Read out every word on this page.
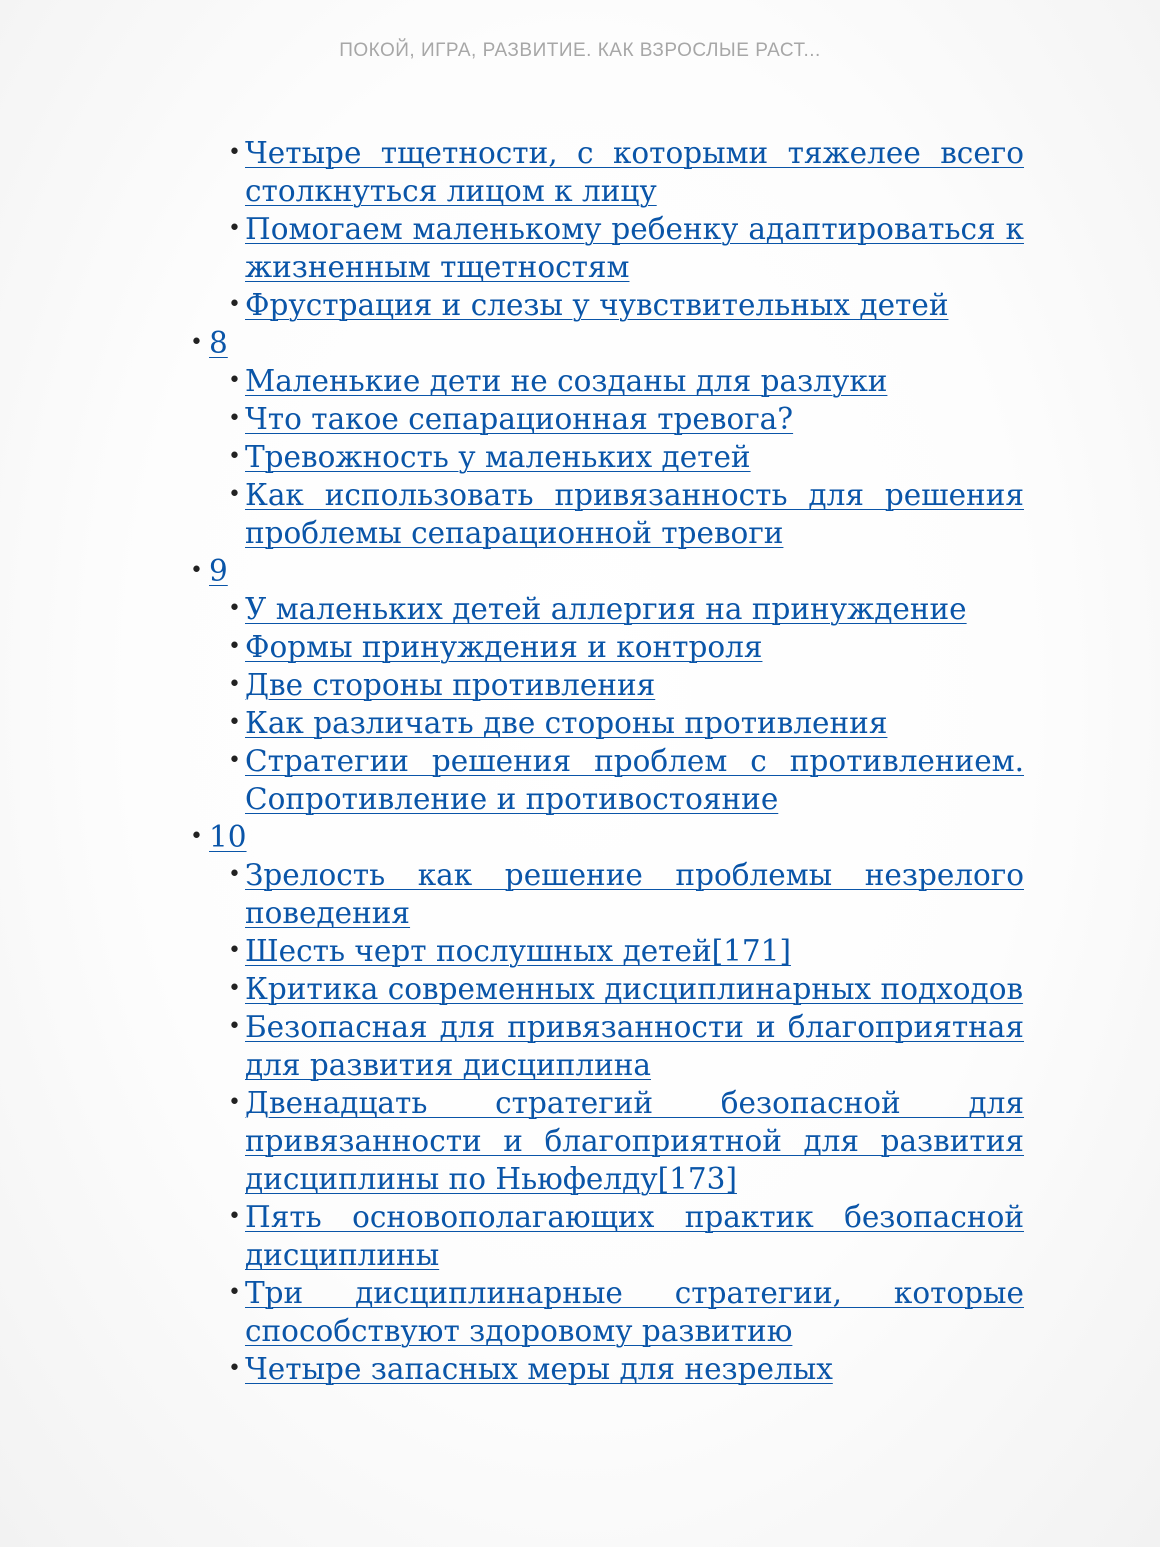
ПОКОЙ, ИГРА, РАЗВИТИЕ. КАК ВЗРОСЛЫЕ РАСТ...
• Четыре тщетности, с которыми тяжелее всего столкнуться лицом к лицу
• Помогаем маленькому ребенку адаптироваться к жизненным тщетностям
• Фрустрация и слезы у чувствительных детей
• 8
• Маленькие дети не созданы для разлуки
• Что такое сепарационная тревога?
• Тревожность у маленьких детей
• Как использовать привязанность для решения проблемы сепарационной тревоги
• 9
• У маленьких детей аллергия на принуждение
• Формы принуждения и контроля
• Две стороны противления
• Как различать две стороны противления
• Стратегии решения проблем с противлением. Сопротивление и противостояние
• 10
• Зрелость как решение проблемы незрелого поведения
• Шесть черт послушных детей[171]
• Критика современных дисциплинарных подходов
• Безопасная для привязанности и благоприятная для развития дисциплина
• Двенадцать стратегий безопасной для привязанности и благоприятной для развития дисциплины по Ньюфелду[173]
• Пять основополагающих практик безопасной дисциплины
• Три дисциплинарные стратегии, которые способствуют здоровому развитию
• Четыре запасных меры для незрелых
